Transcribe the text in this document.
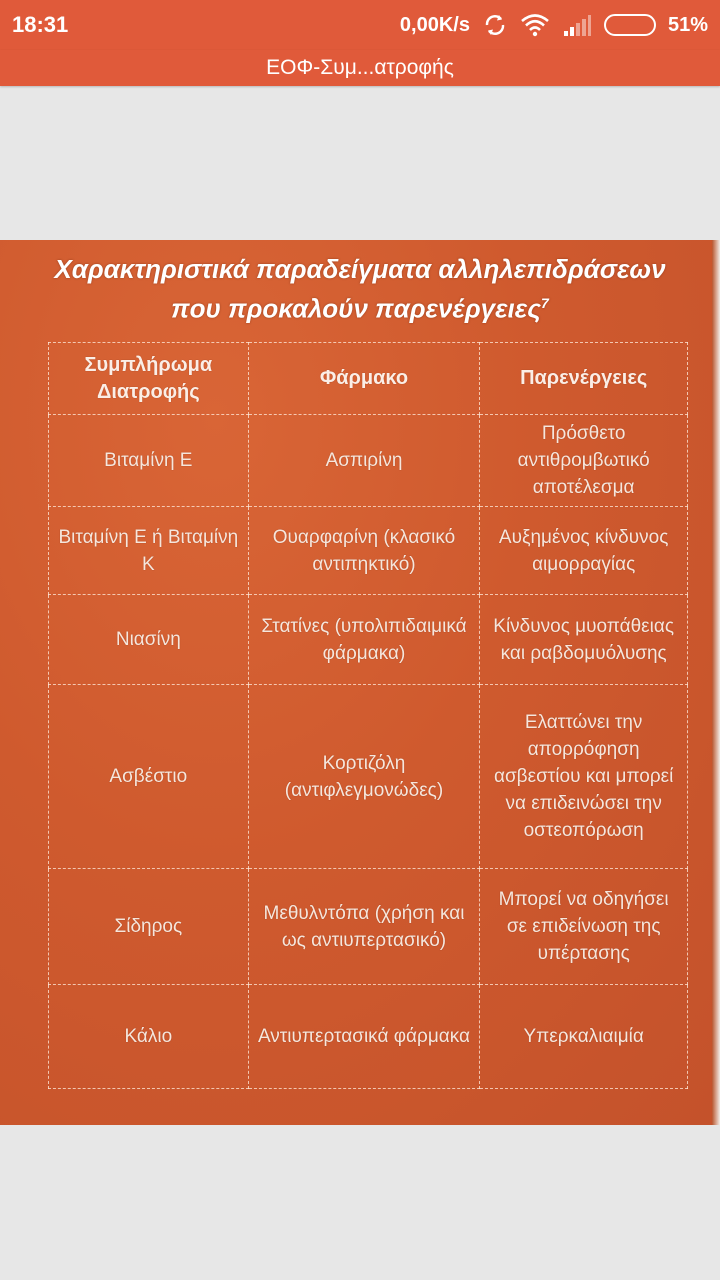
18:31	0,00K/s	51%
ΕΟΦ-Συμ...ατροφής
Χαρακτηριστικά παραδείγματα αλληλεπιδράσεων
που προκαλούν παρενέργειες$^7$
Συμπλήρωμα Διατροφής	Φάρμακο	Παρενέργειες
Βιταμίνη Ε	Ασπιρίνη	Πρόσθετο αντιθρομβωτικό αποτέλεσμα
Βιταμίνη Ε ή Βιταμίνη Κ	Ουαρφαρίνη (κλασικό αντιπηκτικό)	Αυξημένος κίνδυνος αιμορραγίας
Νιασίνη	Στατίνες (υπολιπιδαιμικά φάρμακα)	Κίνδυνος μυοπάθειας και ραβδομυόλυσης
Ασβέστιο	Κορτιζόλη (αντιφλεγμονώδες)	Ελαττώνει την απορρόφηση ασβεστίου και μπορεί να επιδεινώσει την οστεοπόρωση
Σίδηρος	Μεθυλντόπα (χρήση και ως αντιυπερτασικό)	Μπορεί να οδηγήσει σε επιδείνωση της υπέρτασης
Κάλιο	Αντιυπερτασικά φάρμακα	Υπερκαλιαιμία
